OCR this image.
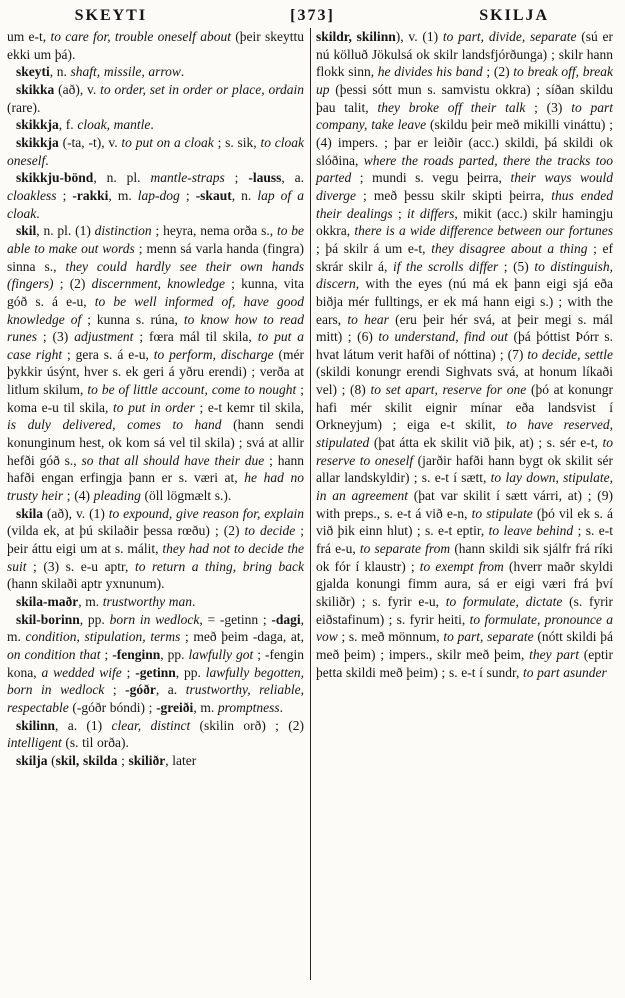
SKEYTI	[373]	SKILJA

um e-t, to care for, trouble oneself about (þeir skeyttu ekki um þá).

skeyti, n. shaft, missile, arrow.

skikka (að), v. to order, set in order or place, ordain (rare).

skikkja, f. cloak, mantle.

skikkja (-ta, -t), v. to put on a cloak ; s. sik, to cloak oneself.

skikkju-bönd, n. pl. mantle-straps ; -lauss, a. cloakless ; -rakki, m. lap-dog ; -skaut, n. lap of a cloak.

skil, n. pl. (1) distinction ; heyra, nema orða s., to be able to make out words ; menn sá varla handa (fingra) sinna s., they could hardly see their own hands (fingers) ; (2) discernment, knowledge ; kunna, vita góð s. á e-u, to be well informed of, have good knowledge of ; kunna s. rúna, to know how to read runes ; (3) adjustment ; fœra mál til skila, to put a case right ; gera s. á e-u, to perform, discharge (mér þykkir úsýnt, hver s. ek geri á yðru erendi) ; verða at litlum skilum, to be of little account, come to nought ; koma e-u til skila, to put in order ; e-t kemr til skila, is duly delivered, comes to hand (hann sendi konunginum hest, ok kom sá vel til skila) ; svá at allir hefði góð s., so that all should have their due ; hann hafði engan erfingja þann er s. væri at, he had no trusty heir ; (4) pleading (öll lögmælt s.).

skila (að), v. (1) to expound, give reason for, explain (vilda ek, at þú skilaðir þessa rœðu) ; (2) to decide ; þeir áttu eigi um at s. málit, they had not to decide the suit ; (3) s. e-u aptr, to return a thing, bring back (hann skilaði aptr yxnunum).

skila-maðr, m. trustworthy man.

skil-borinn, pp. born in wedlock, = -getinn ; -dagi, m. condition, stipulation, terms ; með þeim -daga, at, on condition that ; -fenginn, pp. lawfully got ; -fengin kona, a wedded wife ; -getinn, pp. lawfully begotten, born in wedlock ; -góðr, a. trustworthy, reliable, respectable (-góðr bóndi) ; -greiði, m. promptness.

skilinn, a. (1) clear, distinct (skilin orð) ; (2) intelligent (s. til orða).

skilja (skil, skilda ; skiliðr, later

skildr, skilinn), v. (1) to part, divide, separate (sú er nú kölluð Jökulsá ok skilr landsfjórðunga) ; skilr hann flokk sinn, he divides his band ; (2) to break off, break up (þessi sótt mun s. samvistu okkra) ; síðan skildu þau talit, they broke off their talk ; (3) to part company, take leave (skildu þeir með mikilli vináttu) ; (4) impers. ; þar er leiðir (acc.) skildi, þá skildi ok slóðina, where the roads parted, there the tracks too parted ; mundi s. vegu þeirra, their ways would diverge ; með þessu skilr skipti þeirra, thus ended their dealings ; it differs, mikit (acc.) skilr hamingju okkra, there is a wide difference between our fortunes ; þá skilr á um e-t, they disagree about a thing ; ef skrár skilr á, if the scrolls differ ; (5) to distinguish, discern, with the eyes (nú má ek þann eigi sjá eða biðja mér fulltings, er ek má hann eigi s.) ; with the ears, to hear (eru þeir hér svá, at þeir megi s. mál mitt) ; (6) to understand, find out (þá þóttist Þórr s. hvat látum verit hafði of nóttina) ; (7) to decide, settle (skildi konungr erendi Sighvats svá, at honum líkaði vel) ; (8) to set apart, reserve for one (þó at konungr hafi mér skilit eignir mínar eða landsvist í Orkneyjum) ; eiga e-t skilit, to have reserved, stipulated (þat átta ek skilit við þik, at) ; s. sér e-t, to reserve to oneself (jarðir hafði hann bygt ok skilit sér allar landskyldir) ; s. e-t í sætt, to lay down, stipulate, in an agreement (þat var skilit í sætt várri, at) ; (9) with preps., s. e-t á við e-n, to stipulate (þó vil ek s. á við þik einn hlut) ; s. e-t eptir, to leave behind ; s. e-t frá e-u, to separate from (hann skildi sik sjálfr frá ríki ok fór í klaustr) ; to exempt from (hverr maðr skyldi gjalda konungi fimm aura, sá er eigi væri frá því skiliðr) ; s. fyrir e-u, to formulate, dictate (s. fyrir eiðstafinum) ; s. fyrir heiti, to formulate, pronounce a vow ; s. með mönnum, to part, separate (nótt skildi þá með þeim) ; impers., skilr með þeim, they part (eptir þetta skildi með þeim) ; s. e-t í sundr, to part asunder
